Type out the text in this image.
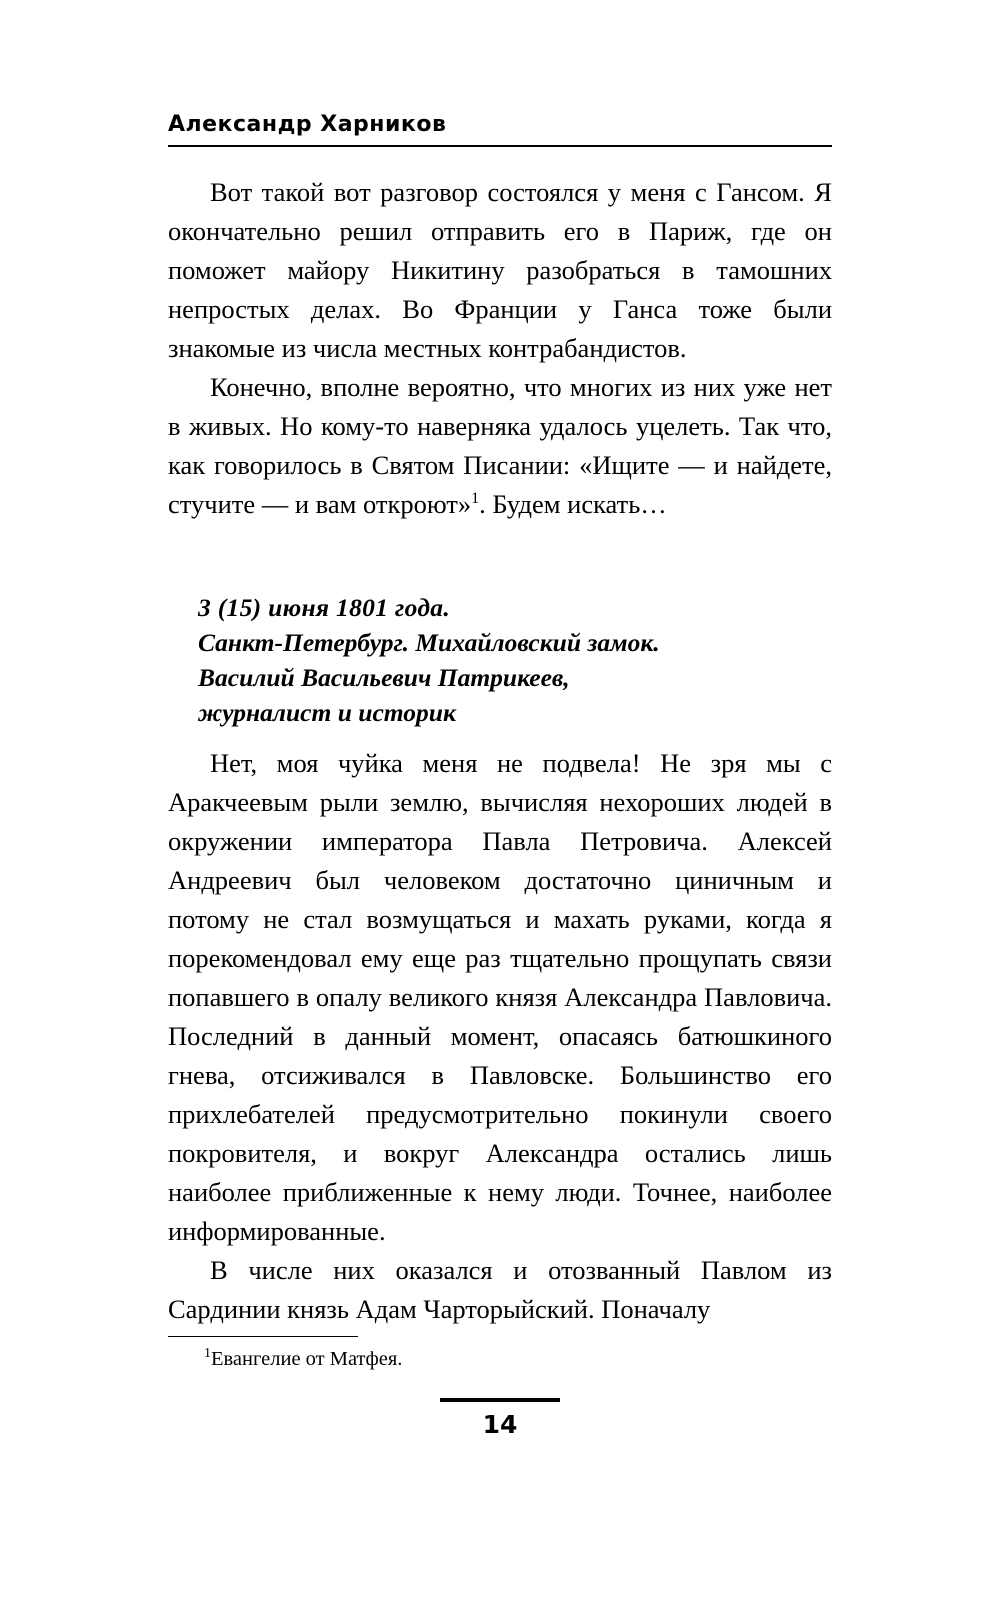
Александр Харников

Вот такой вот разговор состоялся у меня с Гансом. Я окончательно решил отправить его в Париж, где он поможет майору Никитину разобраться в тамошних непростых делах. Во Франции у Ганса тоже были знакомые из числа местных контрабандистов.

Конечно, вполне вероятно, что многих из них уже нет в живых. Но кому-то наверняка удалось уцелеть. Так что, как говорилось в Святом Писании: «Ищите — и найдете, стучите — и вам откроют»$^1$. Будем искать…

3 (15) июня 1801 года.
Санкт-Петербург. Михайловский замок.
Василий Васильевич Патрикеев,
журналист и историк

Нет, моя чуйка меня не подвела! Не зря мы с Аракчеевым рыли землю, вычисляя нехороших людей в окружении императора Павла Петровича. Алексей Андреевич был человеком достаточно циничным и потому не стал возмущаться и махать руками, когда я порекомендовал ему еще раз тщательно прощупать связи попавшего в опалу великого князя Александра Павловича. Последний в данный момент, опасаясь батюшкиного гнева, отсиживался в Павловске. Большинство его прихлебателей предусмотрительно покинули своего покровителя, и вокруг Александра остались лишь наиболее приближенные к нему люди. Точнее, наиболее информированные.

В числе них оказался и отозванный Павлом из Сардинии князь Адам Чарторыйский. Поначалу

$^1$Евангелие от Матфея.

14
